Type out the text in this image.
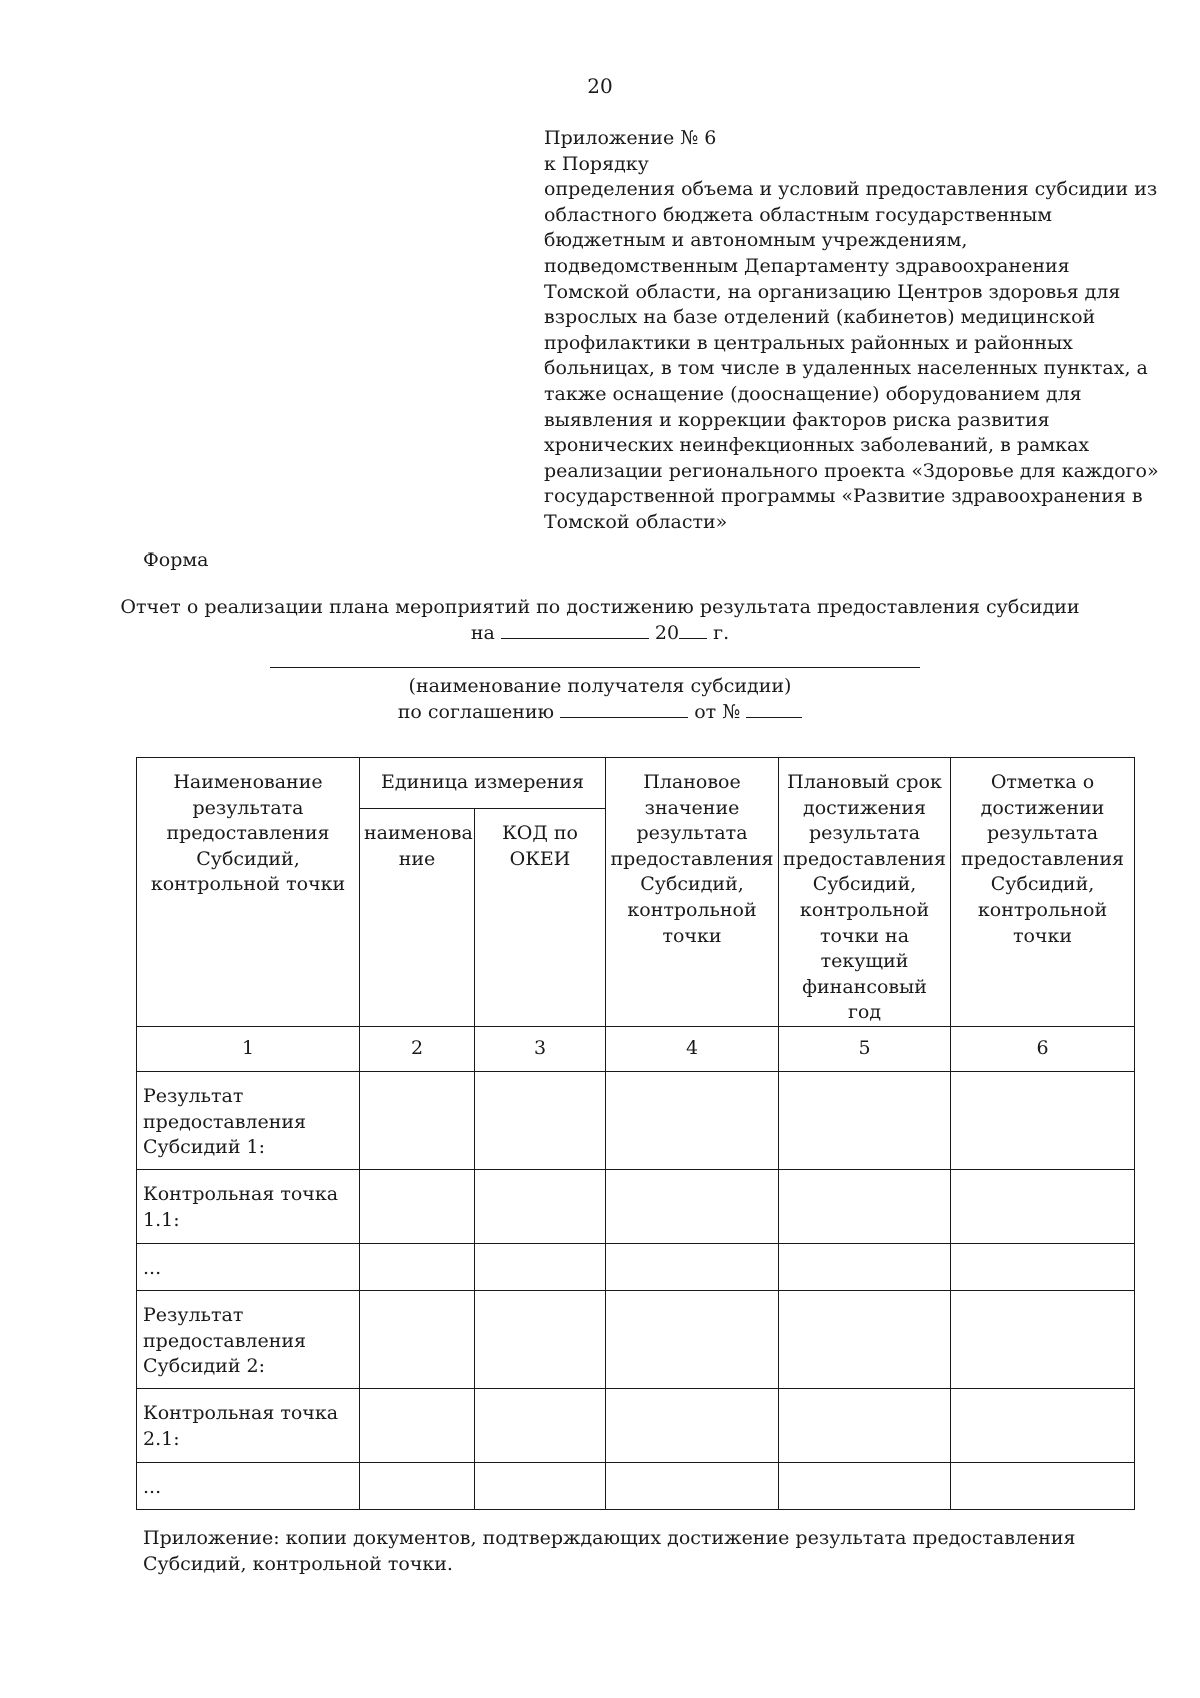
20
Приложение № 6
к Порядку
определения объема и условий предоставления субсидии из
областного бюджета областным государственным
бюджетным и автономным учреждениям,
подведомственным Департаменту здравоохранения
Томской области, на организацию Центров здоровья для
взрослых на базе отделений (кабинетов) медицинской
профилактики в центральных районных и районных
больницах, в том числе в удаленных населенных пунктах, а
также оснащение (дооснащение) оборудованием для
выявления и коррекции факторов риска развития
хронических неинфекционных заболеваний, в рамках
реализации регионального проекта «Здоровье для каждого»
государственной программы «Развитие здравоохранения в
Томской области»
Форма
Отчет о реализации плана мероприятий по достижению результата предоставления субсидии
на	20 г.
(наименование получателя субсидии)
по соглашению	от №
Наименование результата предоставления Субсидий, контрольной точки	Единица измерения		Плановое значение результата предоставления Субсидий, контрольной точки	Плановый срок достижения результата предоставления Субсидий, контрольной точки на текущий финансовый год	Отметка о достижении результата предоставления Субсидий, контрольной точки
	наименова ние	КОД по ОКЕИ			
1	2	3	4	5	6
Результат предоставления Субсидий 1:					
Контрольная точка 1.1:					
...					
Результат предоставления Субсидий 2:					
Контрольная точка 2.1:					
...					
Приложение: копии документов, подтверждающих достижение результата предоставления Субсидий, контрольной точки.
